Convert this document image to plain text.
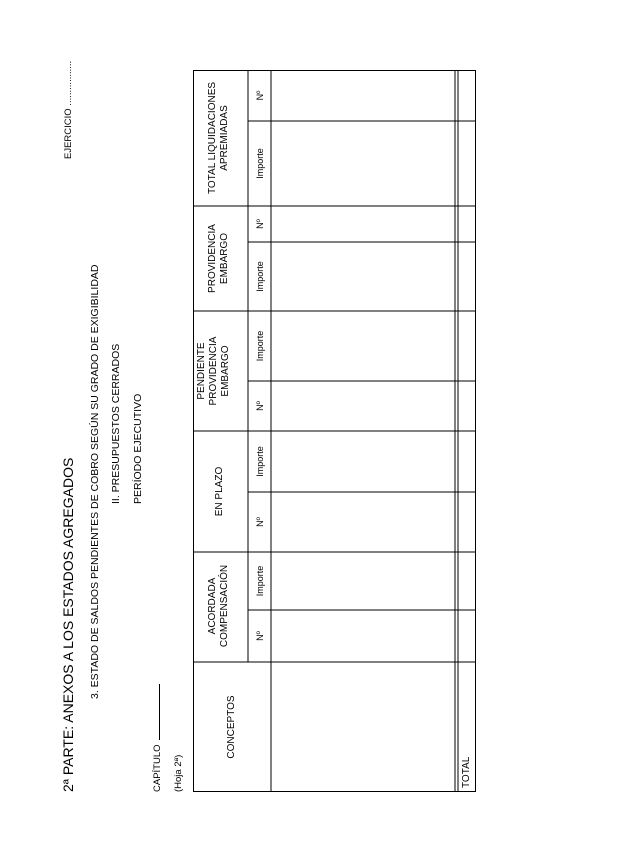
2ª PARTE: ANEXOS A LOS ESTADOS AGREGADOS
EJERCICIO .................
3. ESTADO DE SALDOS PENDIENTES DE COBRO SEGÚN SU GRADO DE EXIGIBILIDAD II. PRESUPUESTOS CERRADOS PERÍODO EJECUTIVO
CAPÍTULO (Hoja 2ª)
CONCEPTOS
ACORDADA COMPENSACIÓN
EN PLAZO
PENDIENTE PROVIDENCIA EMBARGO
PROVIDENCIA EMBARGO
TOTAL LIQUIDACIONES APREMIADAS
Nº
Importe
Nº
Importe
Nº
Importe
Importe
Nº
Importe
Nº
TOTAL
